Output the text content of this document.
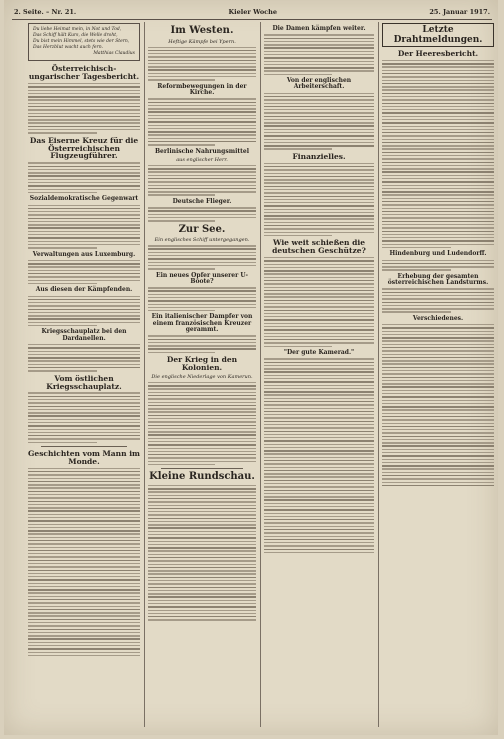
2. Seite. – Nr. 21.	Kieler Woche	25. Januar 1917.
Du liebe Heimat mein, in Not und Tod,
Das Schiff hält Kurs, die Welle droht,
Du bist mein Himmel, stets wie der Stern,
Das Herzblut wacht auch fern.
Matthias Claudius
Österreichisch-ungarischer Tagesbericht.
Das Eiserne Kreuz für die Österreichischen Flugzeugführer.
Sozialdemokratische Gegenwart
Verwaltungen aus Luxemburg.
Aus diesen der Kämpfenden.
Kriegsschauplatz bei den Dardanellen.
Vom östlichen Kriegsschauplatz.
Geschichten vom Mann im Monde.
Im Westen.
Heftige Kämpfe bei Ypern.
Reformbewegungen in der Kirche.
Berlinische Nahrungsmittel
aus englischer Herr.
Deutsche Flieger.
Zur See.
Ein englisches Schiff untergegangen.
Ein neues Opfer unserer U-Boote?
Ein italienischer Dampfer von einem französischen Kreuzer gerammt.
Der Krieg in den Kolonien.
Die englische Niederlage von Kamerun.
Kleine Rundschau.
Die Damen kämpfen weiter.
Von der englischen Arbeiterschaft.
Finanzielles.
Wie weit schießen die deutschen Geschütze?
"Der gute Kamerad."
Letzte Drahtmeldungen.
Der Heeresbericht.
Hindenburg und Ludendorff.
Erhebung der gesamten österreichischen Landsturms.
Verschiedenes.
